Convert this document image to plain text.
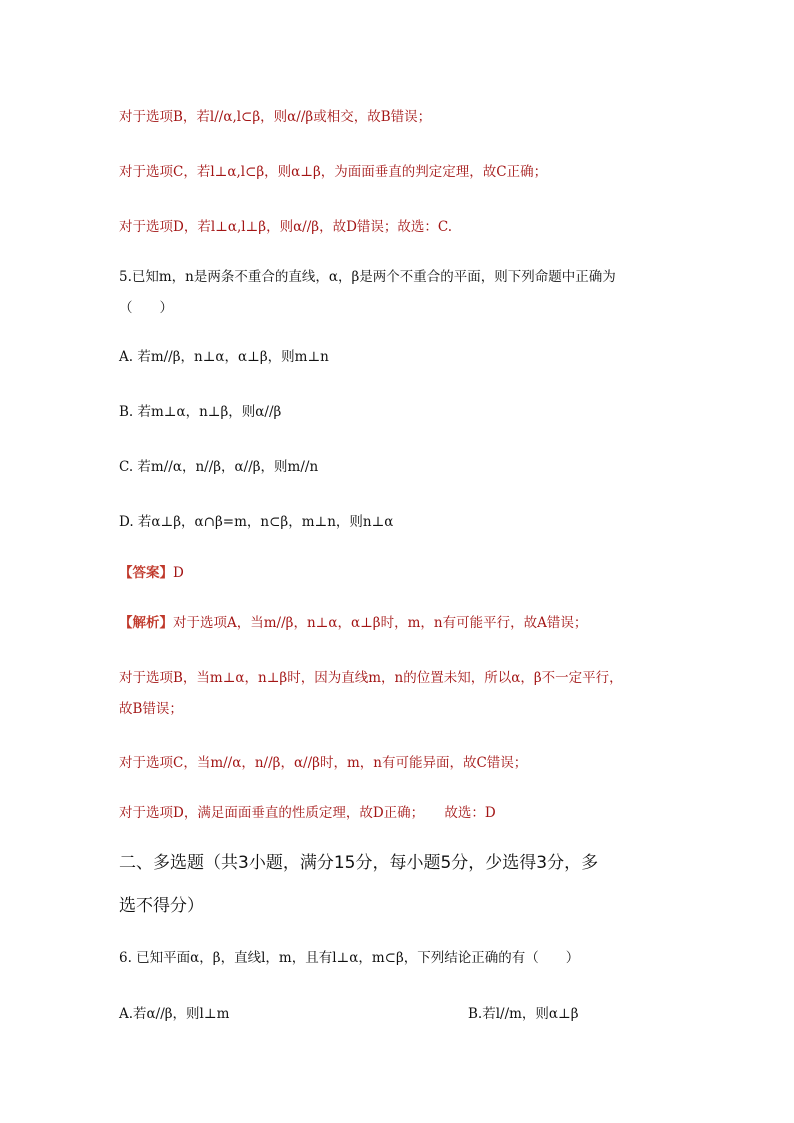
对于选项B，若l//α,l⊂β，则α//β或相交，故B错误；
对于选项C，若l⊥α,l⊂β，则α⊥β，为面面垂直的判定定理，故C正确；
对于选项D，若l⊥α,l⊥β，则α//β，故D错误；故选：C.
5.已知m，n是两条不重合的直线，α，β是两个不重合的平面，则下列命题中正确为
（　　）
A. 若m//β，n⊥α，α⊥β，则m⊥n
B. 若m⊥α，n⊥β，则α//β
C. 若m//α，n//β，α//β，则m//n
D. 若α⊥β，α∩β=m，n⊂β，m⊥n，则n⊥α
【答案】D
【解析】对于选项A，当m//β，n⊥α，α⊥β时，m，n有可能平行，故A错误；
对于选项B，当m⊥α，n⊥β时，因为直线m，n的位置未知，所以α，β不一定平行，
故B错误；
对于选项C，当m//α，n//β，α//β时，m，n有可能异面，故C错误；
对于选项D，满足面面垂直的性质定理，故D正确；　　故选：D
二、多选题（共3小题，满分15分，每小题5分，少选得3分，多
选不得分）
6. 已知平面α，β，直线l，m，且有l⊥α，m⊂β，下列结论正确的有（　　）
A.若α//β，则l⊥m	B.若l//m，则α⊥β
